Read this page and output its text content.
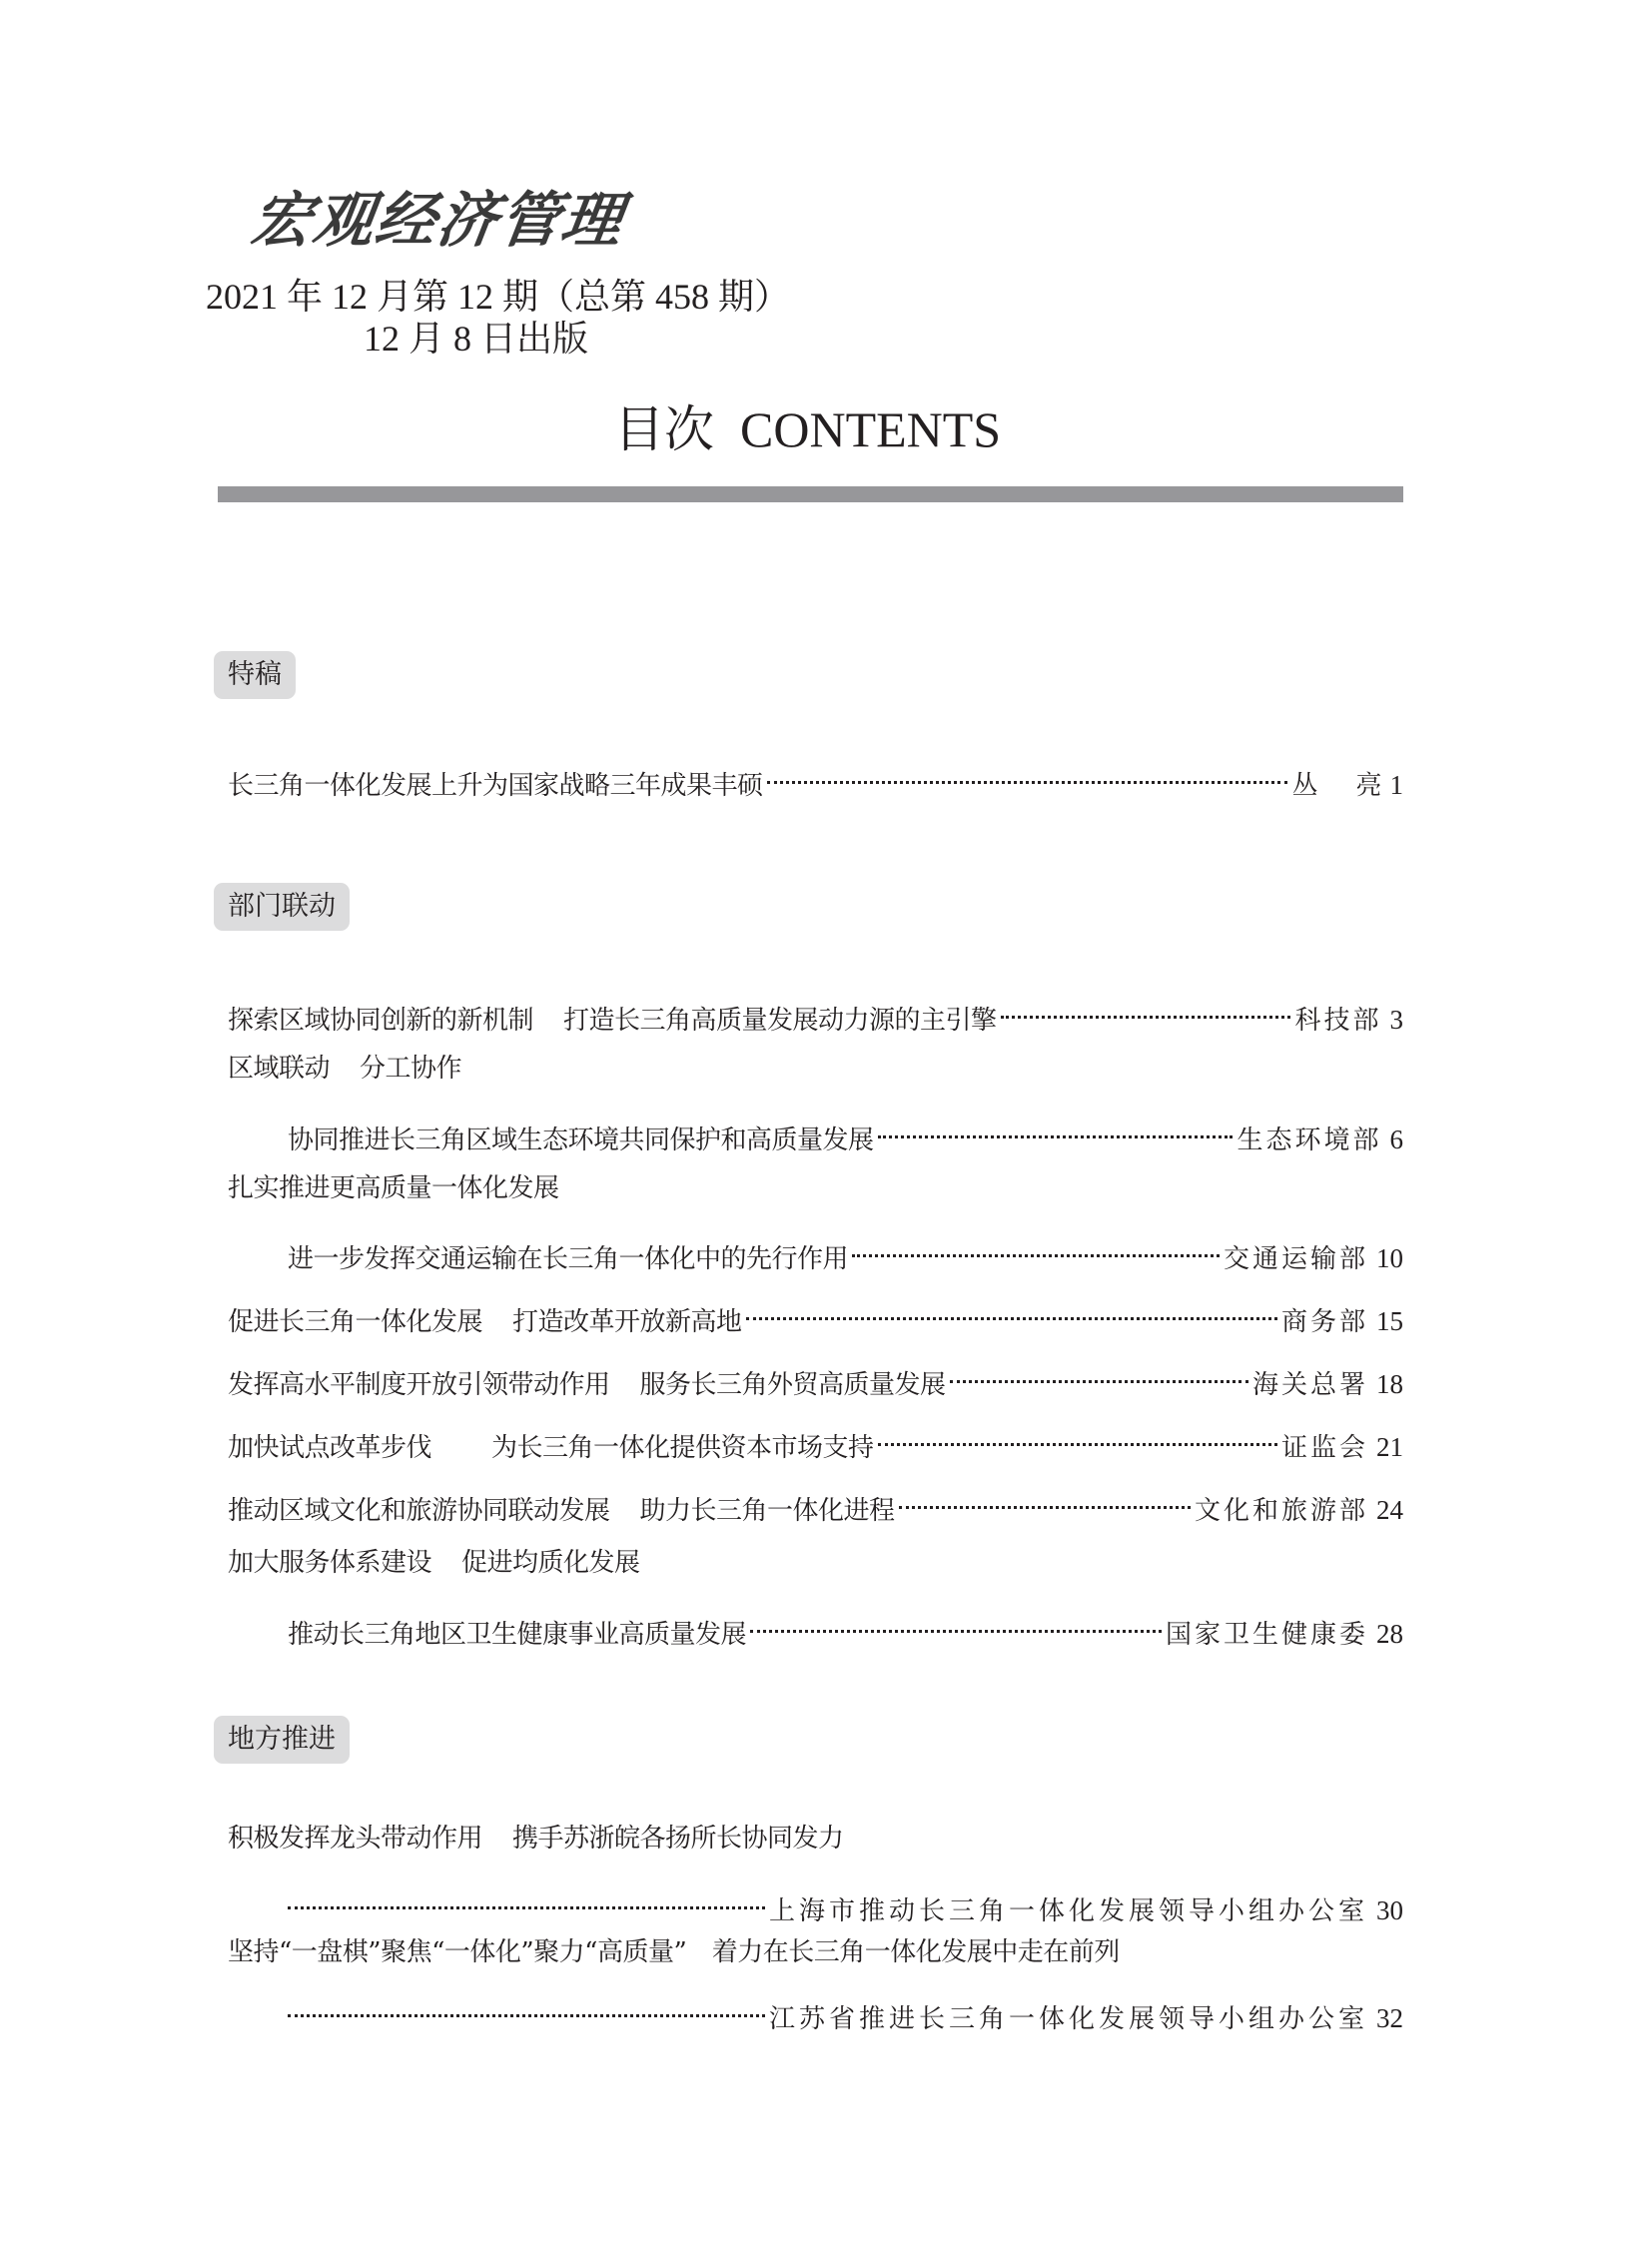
宏观经济管理
2021 年 12 月第 12 期（总第 458 期）
12 月 8 日出版
目次 CONTENTS
特稿
长三角一体化发展上升为国家战略三年成果丰硕	丛 亮 1
部门联动
探索区域协同创新的新机制 打造长三角高质量发展动力源的主引擎	科技部 3
区域联动 分工协作
协同推进长三角区域生态环境共同保护和高质量发展	生态环境部 6
扎实推进更高质量一体化发展
进一步发挥交通运输在长三角一体化中的先行作用	交通运输部 10
促进长三角一体化发展 打造改革开放新高地	商务部 15
发挥高水平制度开放引领带动作用 服务长三角外贸高质量发展	海关总署 18
加快试点改革步伐 为长三角一体化提供资本市场支持	证监会 21
推动区域文化和旅游协同联动发展 助力长三角一体化进程	文化和旅游部 24
加大服务体系建设 促进均质化发展
推动长三角地区卫生健康事业高质量发展	国家卫生健康委 28
地方推进
积极发挥龙头带动作用 携手苏浙皖各扬所长协同发力
上海市推动长三角一体化发展领导小组办公室 30
坚持“一盘棋”聚焦“一体化”聚力“高质量”　着力在长三角一体化发展中走在前列
江苏省推进长三角一体化发展领导小组办公室 32
